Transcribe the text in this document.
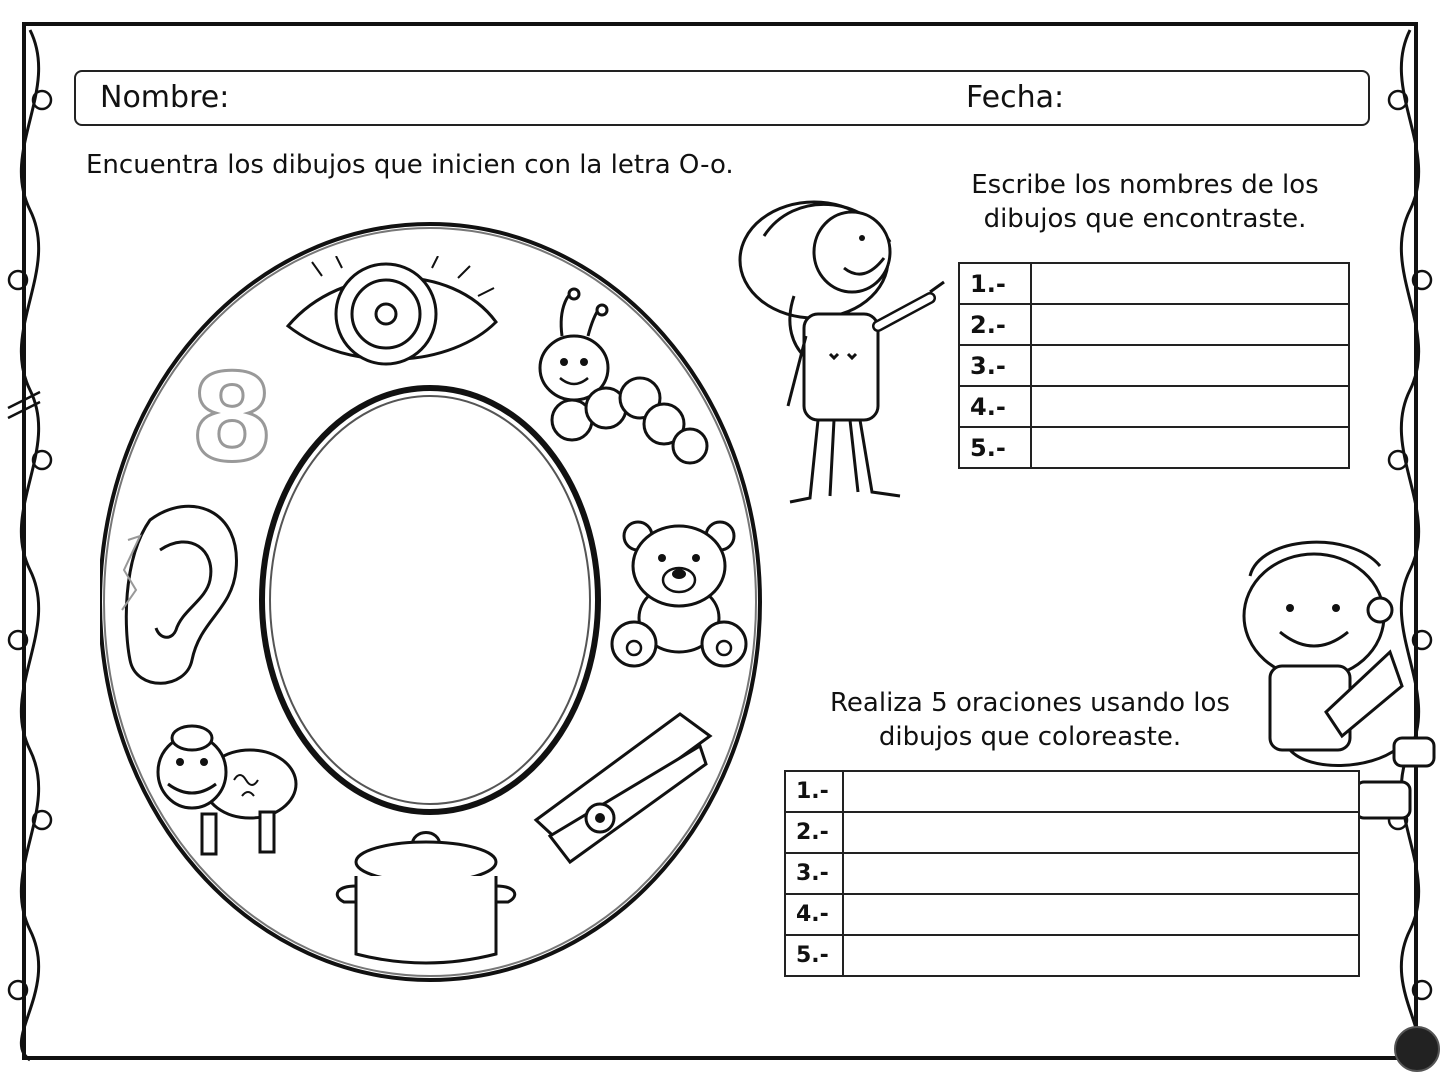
Nombre:	Fecha:
Encuentra los dibujos que inicien con la letra O-o.
8
Escribe los nombres de los
dibujos que encontraste.
1.-	
2.-	
3.-	
4.-	
5.-	
Realiza 5 oraciones usando los
dibujos que coloreaste.
1.-	
2.-	
3.-	
4.-	
5.-	
